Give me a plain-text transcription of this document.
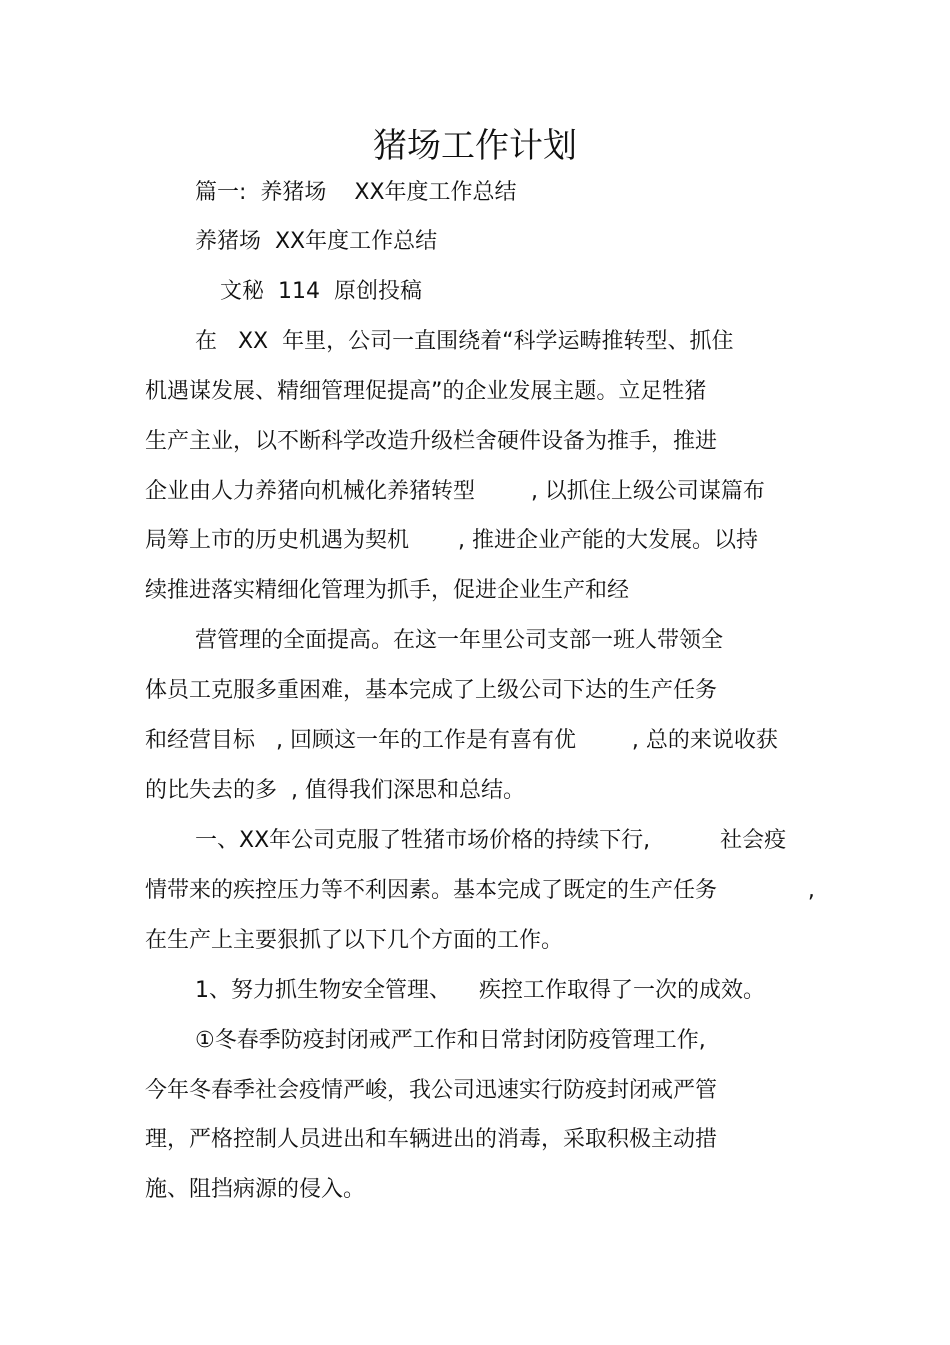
猪场工作计划

篇一:  养猪场    XX年度工作总结

养猪场  XX年度工作总结

文秘  114  原创投稿

在   XX  年里，公司一直围绕着“科学运畴推转型、抓住

机遇谋发展、精细管理促提高”的企业发展主题。立足牲猪

生产主业，以不断科学改造升级栏舍硬件设备为推手，推进

企业由人力养猪向机械化养猪转型        , 以抓住上级公司谋篇布

局筹上市的历史机遇为契机       , 推进企业产能的大发展。以持

续推进落实精细化管理为抓手，促进企业生产和经

营管理的全面提高。在这一年里公司支部一班人带领全

体员工克服多重困难，基本完成了上级公司下达的生产任务

和经营目标   , 回顾这一年的工作是有喜有优        , 总的来说收获

的比失去的多  , 值得我们深思和总结。

一、XX年公司克服了牲猪市场价格的持续下行,          社会疫

情带来的疾控压力等不利因素。基本完成了既定的生产任务             ,

在生产上主要狠抓了以下几个方面的工作。

1、努力抓生物安全管理、    疾控工作取得了一次的成效。

①冬春季防疫封闭戒严工作和日常封闭防疫管理工作,

今年冬春季社会疫情严峻，我公司迅速实行防疫封闭戒严管

理，严格控制人员进出和车辆进出的消毒，采取积极主动措

施、阻挡病源的侵入。
